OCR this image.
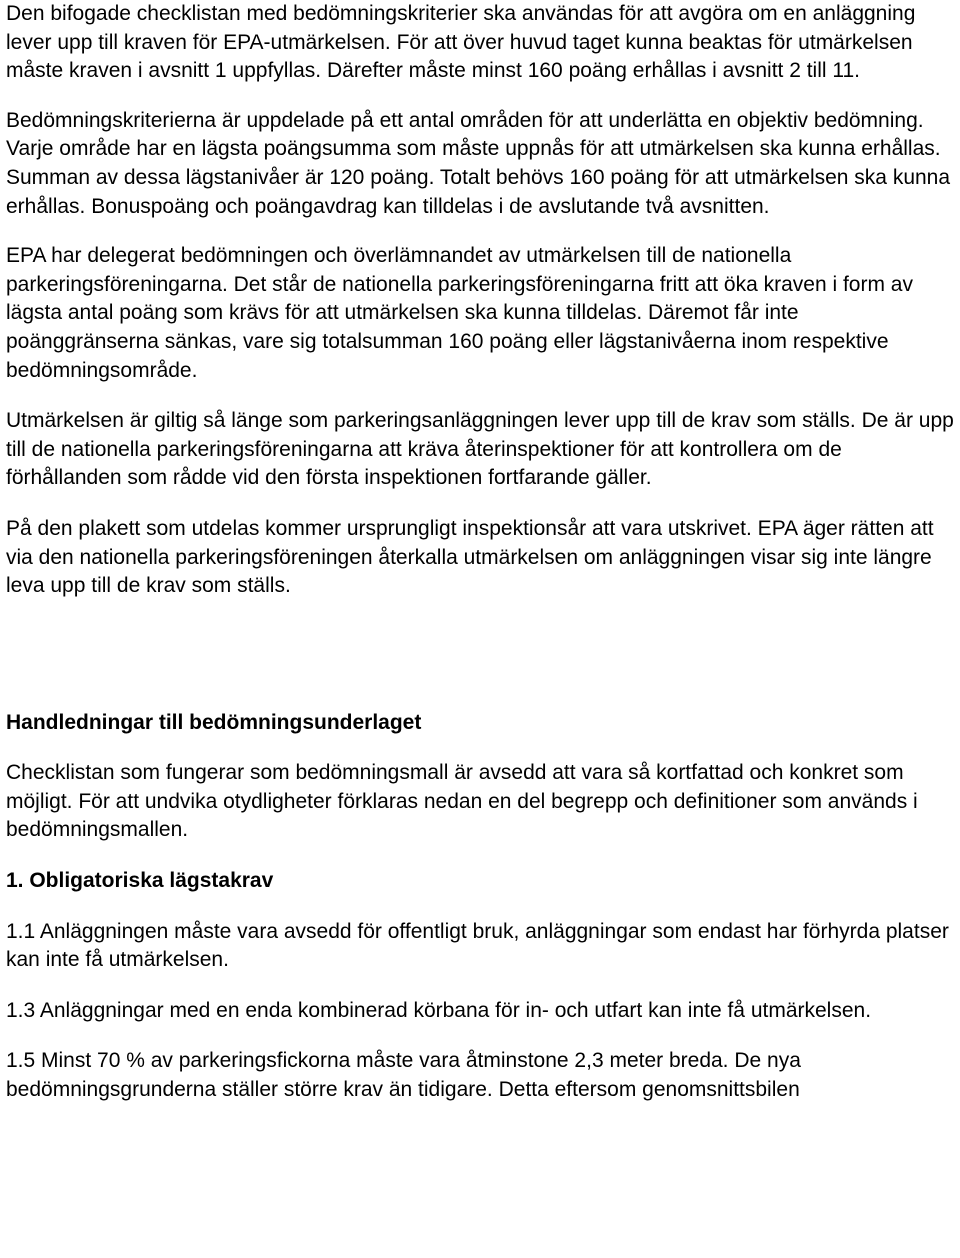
Den bifogade checklistan med bedömningskriterier ska användas för att avgöra om en anläggning lever upp till kraven för EPA-utmärkelsen. För att över huvud taget kunna beaktas för utmärkelsen måste kraven i avsnitt 1 uppfyllas. Därefter måste minst 160 poäng erhållas i avsnitt 2 till 11.

Bedömningskriterierna är uppdelade på ett antal områden för att underlätta en objektiv bedömning. Varje område har en lägsta poängsumma som måste uppnås för att utmärkelsen ska kunna erhållas. Summan av dessa lägstanivåer är 120 poäng. Totalt behövs 160 poäng för att utmärkelsen ska kunna erhållas. Bonuspoäng och poängavdrag kan tilldelas i de avslutande två avsnitten.

EPA har delegerat bedömningen och överlämnandet av utmärkelsen till de nationella parkeringsföreningarna. Det står de nationella parkeringsföreningarna fritt att öka kraven i form av lägsta antal poäng som krävs för att utmärkelsen ska kunna tilldelas. Däremot får inte poänggränserna sänkas, vare sig totalsumman 160 poäng eller lägstanivåerna inom respektive bedömningsområde.

Utmärkelsen är giltig så länge som parkeringsanläggningen lever upp till de krav som ställs. De är upp till de nationella parkeringsföreningarna att kräva återinspektioner för att kontrollera om de förhållanden som rådde vid den första inspektionen fortfarande gäller.

På den plakett som utdelas kommer ursprungligt inspektionsår att vara utskrivet. EPA äger rätten att via den nationella parkeringsföreningen återkalla utmärkelsen om anläggningen visar sig inte längre leva upp till de krav som ställs.

Handledningar till bedömningsunderlaget

Checklistan som fungerar som bedömningsmall är avsedd att vara så kortfattad och konkret som möjligt. För att undvika otydligheter förklaras nedan en del begrepp och definitioner som används i bedömningsmallen.

1. Obligatoriska lägstakrav

1.1 Anläggningen måste vara avsedd för offentligt bruk, anläggningar som endast har förhyrda platser kan inte få utmärkelsen.

1.3 Anläggningar med en enda kombinerad körbana för in- och utfart kan inte få utmärkelsen.

1.5 Minst 70 % av parkeringsfickorna måste vara åtminstone 2,3 meter breda. De nya bedömningsgrunderna ställer större krav än tidigare. Detta eftersom genomsnittsbilen
